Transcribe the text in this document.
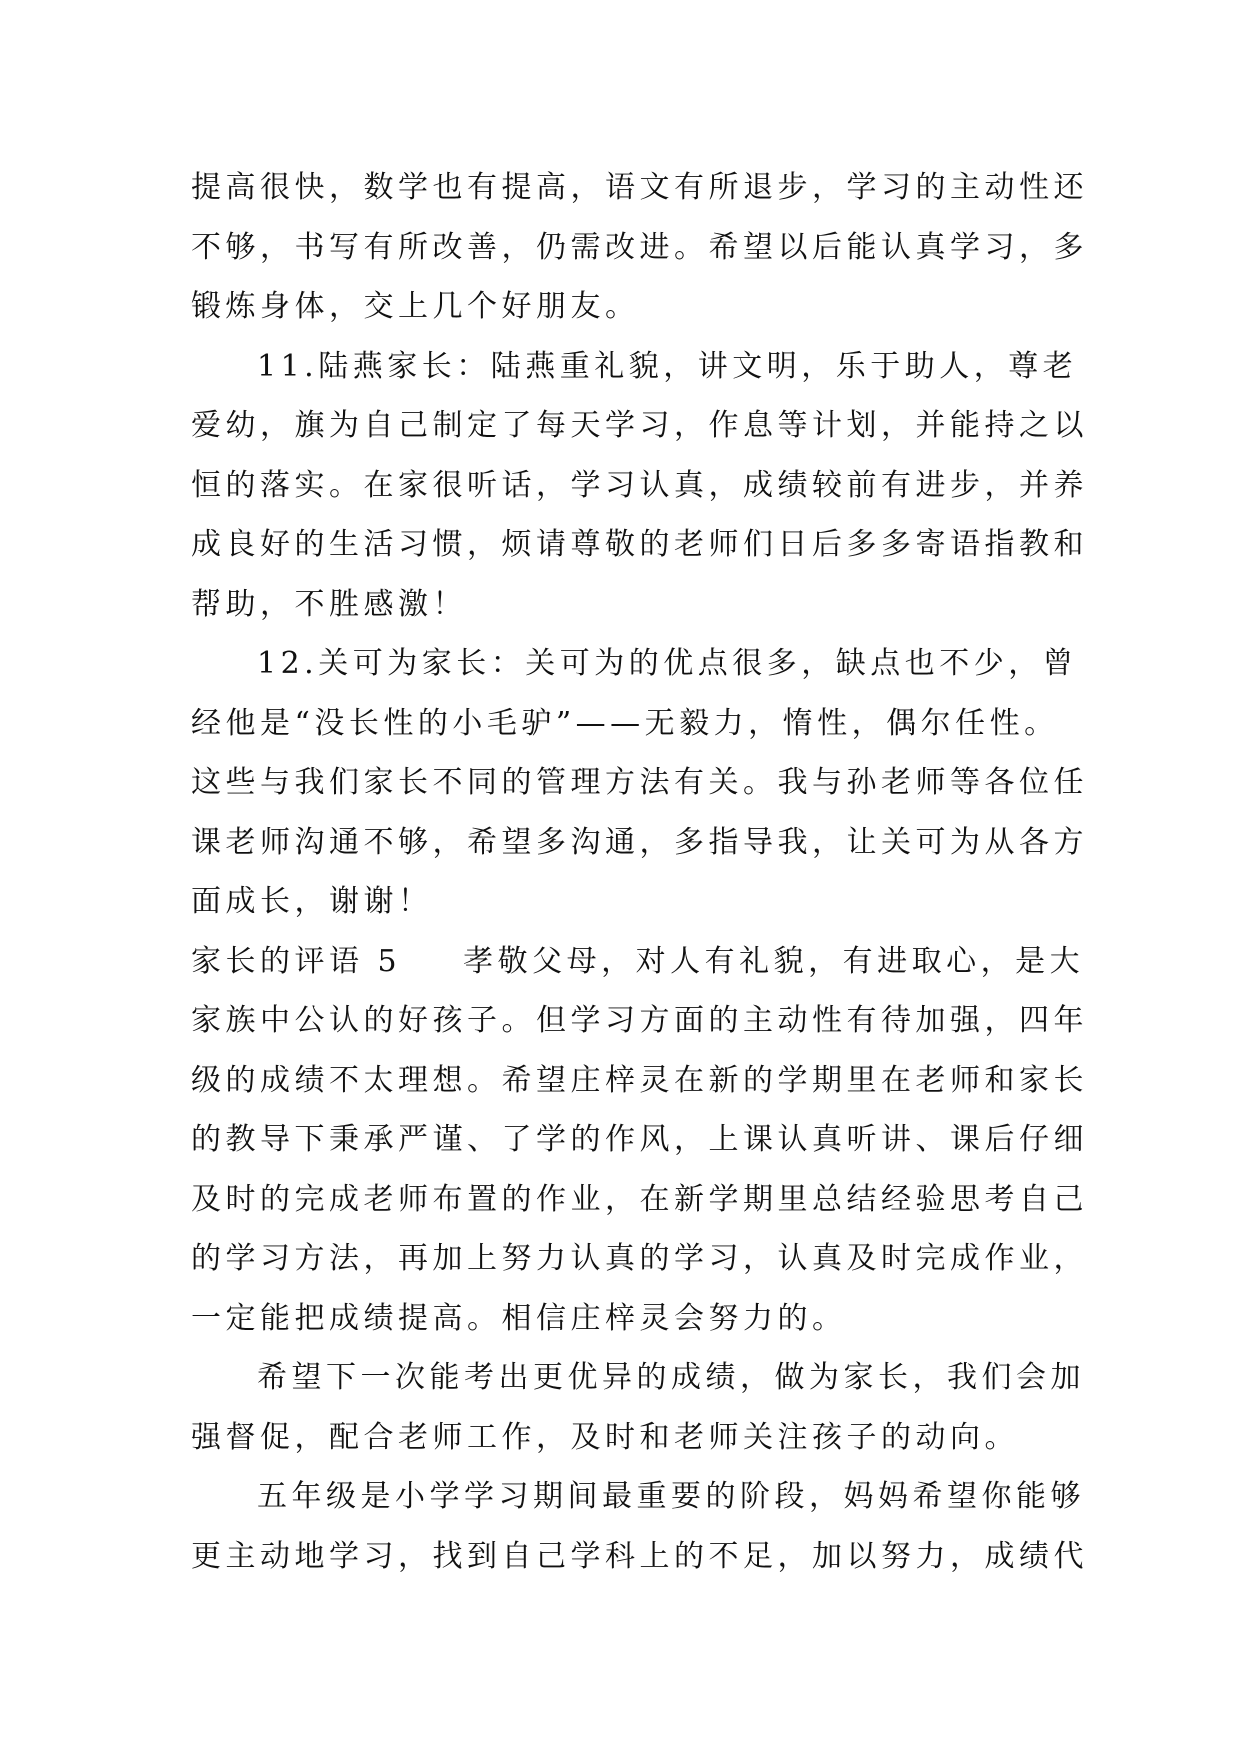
提高很快，数学也有提高，语文有所退步，学习的主动性还

不够，书写有所改善，仍需改进。希望以后能认真学习，多

锻炼身体，交上几个好朋友。

11.陆燕家长：陆燕重礼貌，讲文明，乐于助人，尊老

爱幼，旗为自己制定了每天学习，作息等计划，并能持之以

恒的落实。在家很听话，学习认真，成绩较前有进步，并养

成良好的生活习惯，烦请尊敬的老师们日后多多寄语指教和

帮助，不胜感激！

12.关可为家长：关可为的优点很多，缺点也不少，曾

经他是“没长性的小毛驴”——无毅力，惰性，偶尔任性。

这些与我们家长不同的管理方法有关。我与孙老师等各位任

课老师沟通不够，希望多沟通，多指导我，让关可为从各方

面成长，谢谢！

家长的评语 5 孝敬父母，对人有礼貌，有进取心，是大

家族中公认的好孩子。但学习方面的主动性有待加强，四年

级的成绩不太理想。希望庄梓灵在新的学期里在老师和家长

的教导下秉承严谨、了学的作风，上课认真听讲、课后仔细

及时的完成老师布置的作业，在新学期里总结经验思考自己

的学习方法，再加上努力认真的学习，认真及时完成作业，

一定能把成绩提高。相信庄梓灵会努力的。

希望下一次能考出更优异的成绩，做为家长，我们会加

强督促，配合老师工作，及时和老师关注孩子的动向。

五年级是小学学习期间最重要的阶段，妈妈希望你能够

更主动地学习，找到自己学科上的不足，加以努力，成绩代
